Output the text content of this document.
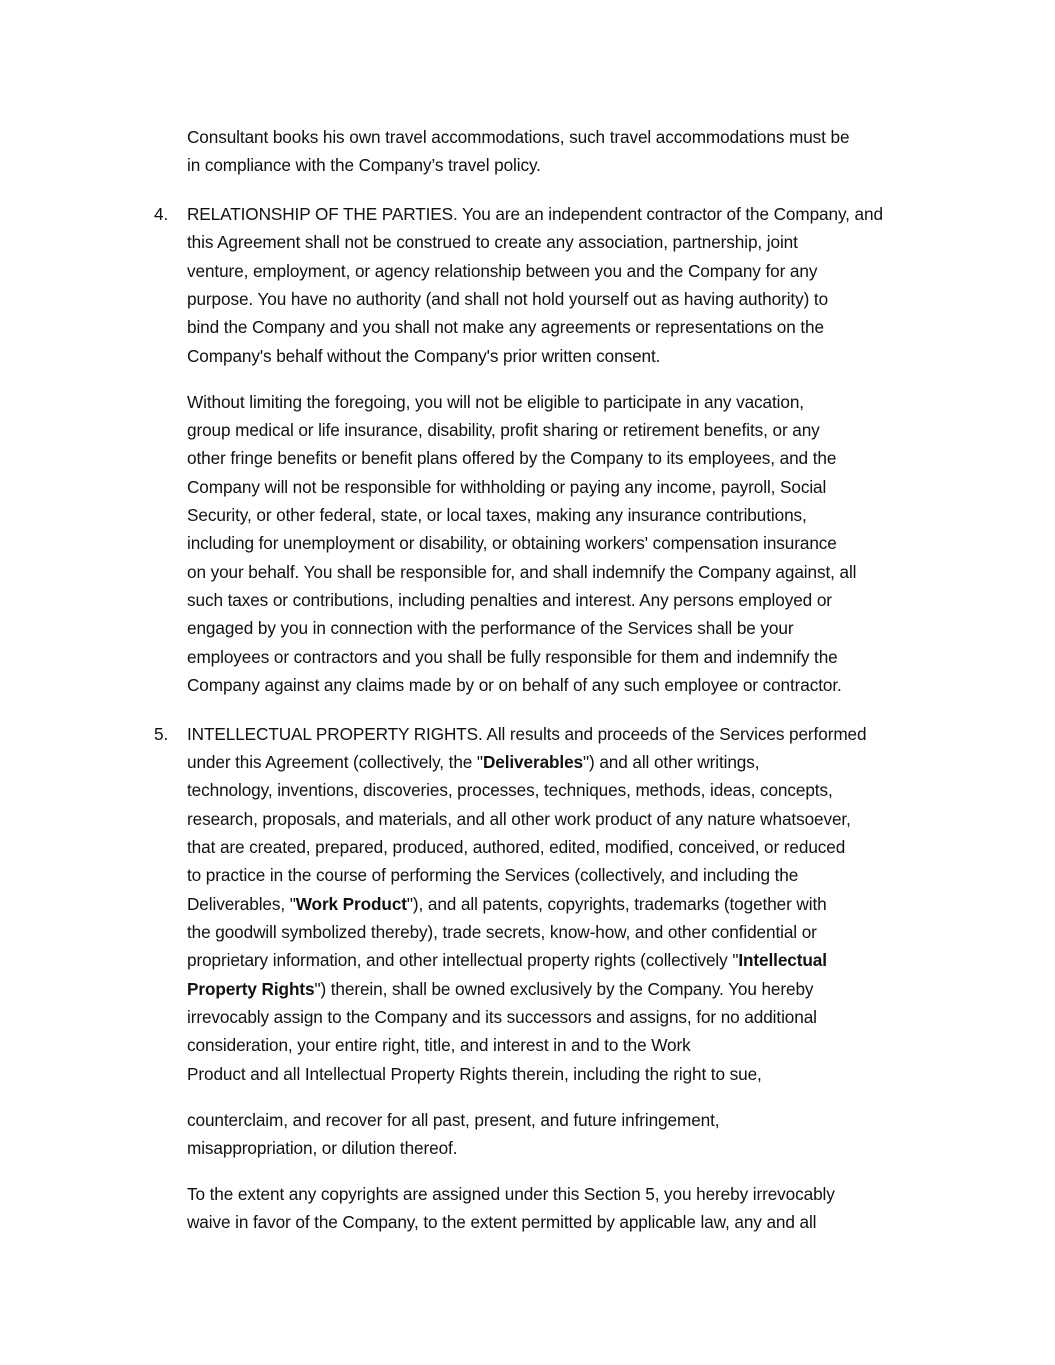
Consultant books his own travel accommodations, such travel accommodations must be
in compliance with the Company’s travel policy.
4. RELATIONSHIP OF THE PARTIES. You are an independent contractor of the Company, and
this Agreement shall not be construed to create any association, partnership, joint
venture, employment, or agency relationship between you and the Company for any
purpose. You have no authority (and shall not hold yourself out as having authority) to
bind the Company and you shall not make any agreements or representations on the
Company's behalf without the Company's prior written consent.
Without limiting the foregoing, you will not be eligible to participate in any vacation,
group medical or life insurance, disability, profit sharing or retirement benefits, or any
other fringe benefits or benefit plans offered by the Company to its employees, and the
Company will not be responsible for withholding or paying any income, payroll, Social
Security, or other federal, state, or local taxes, making any insurance contributions,
including for unemployment or disability, or obtaining workers' compensation insurance
on your behalf. You shall be responsible for, and shall indemnify the Company against, all
such taxes or contributions, including penalties and interest. Any persons employed or
engaged by you in connection with the performance of the Services shall be your
employees or contractors and you shall be fully responsible for them and indemnify the
Company against any claims made by or on behalf of any such employee or contractor.
5. INTELLECTUAL PROPERTY RIGHTS. All results and proceeds of the Services performed
under this Agreement (collectively, the "Deliverables") and all other writings,
technology, inventions, discoveries, processes, techniques, methods, ideas, concepts,
research, proposals, and materials, and all other work product of any nature whatsoever,
that are created, prepared, produced, authored, edited, modified, conceived, or reduced
to practice in the course of performing the Services (collectively, and including the
Deliverables, "Work Product"), and all patents, copyrights, trademarks (together with
the goodwill symbolized thereby), trade secrets, know-how, and other confidential or
proprietary information, and other intellectual property rights (collectively "Intellectual
Property Rights") therein, shall be owned exclusively by the Company. You hereby
irrevocably assign to the Company and its successors and assigns, for no additional
consideration, your entire right, title, and interest in and to the Work
Product and all Intellectual Property Rights therein, including the right to sue,
counterclaim, and recover for all past, present, and future infringement,
misappropriation, or dilution thereof.
To the extent any copyrights are assigned under this Section 5, you hereby irrevocably
waive in favor of the Company, to the extent permitted by applicable law, any and all
